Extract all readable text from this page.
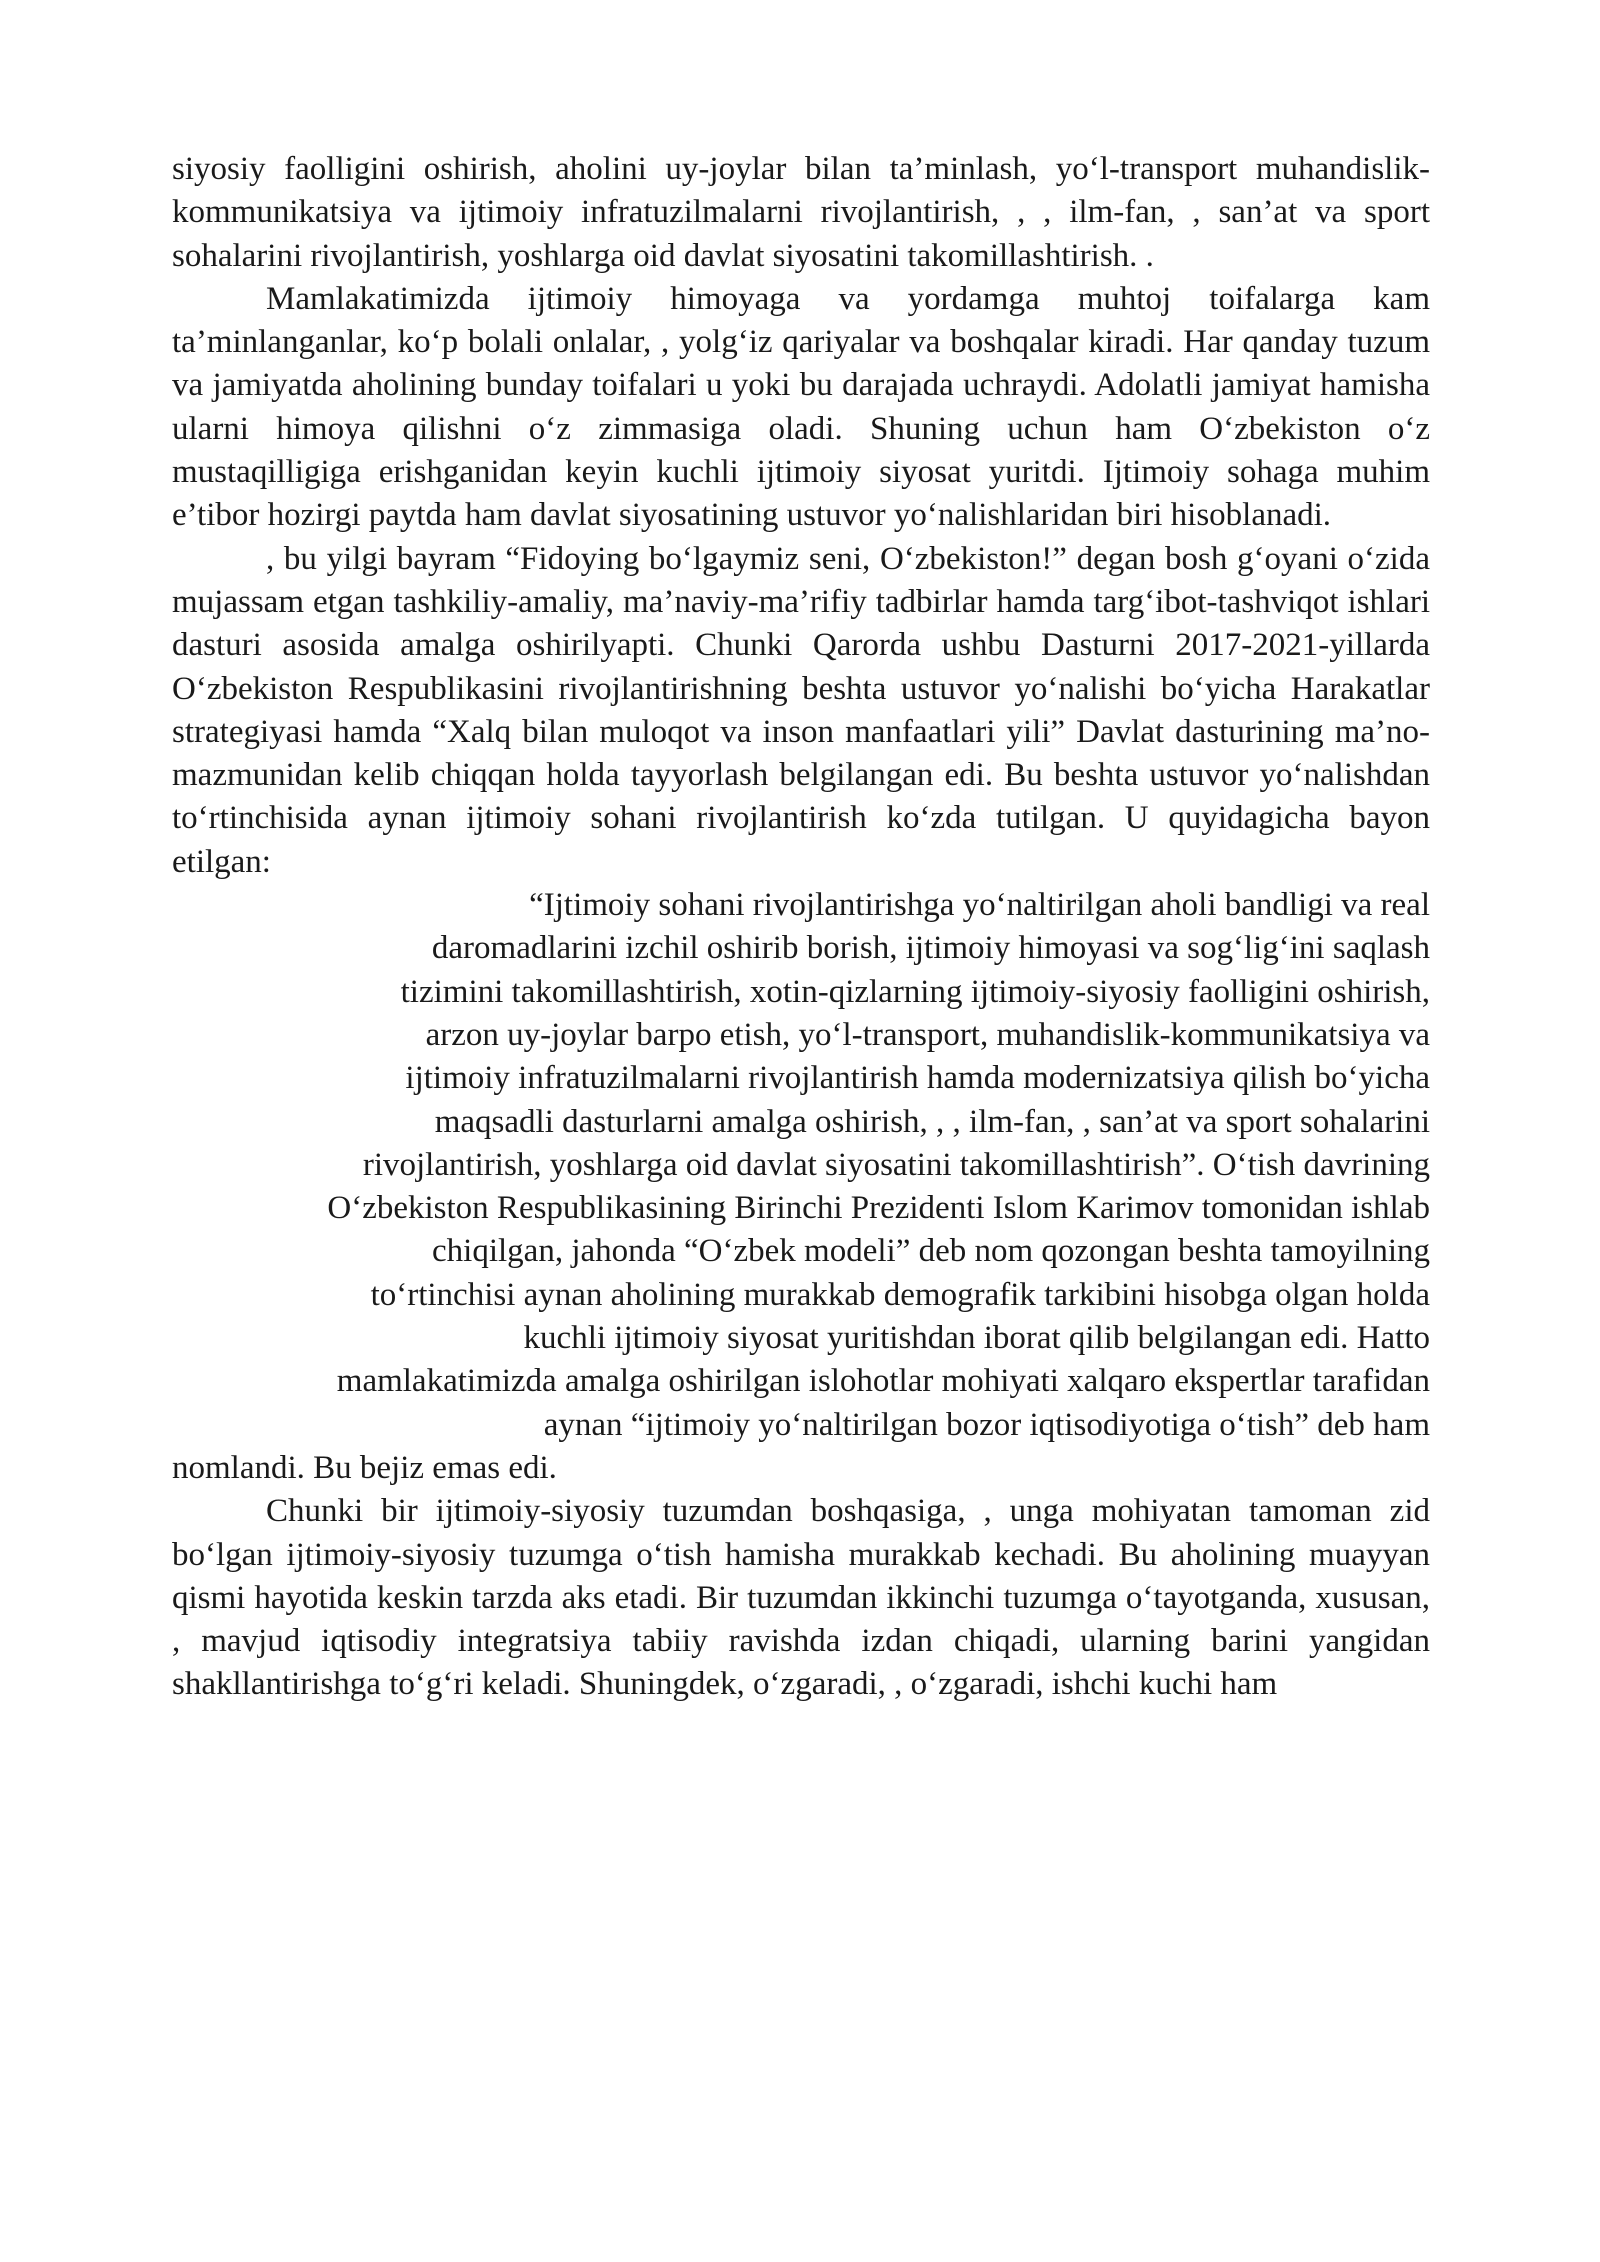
siyosiy faolligini oshirish, aholini uy-joylar bilan ta’minlash, yo‘l-transport muhandislik-kommunikatsiya va ijtimoiy infratuzilmalarni rivojlantirish, , , ilm-fan, , san’at va sport sohalarini rivojlantirish, yoshlarga oid davlat siyosatini takomillashtirish. .

Mamlakatimizda ijtimoiy himoyaga va yordamga muhtoj toifalarga kam ta’minlanganlar, ko‘p bolali onlalar, , yolg‘iz qariyalar va boshqalar kiradi. Har qanday tuzum va jamiyatda aholining bunday toifalari u yoki bu darajada uchraydi. Adolatli jamiyat hamisha ularni himoya qilishni o‘z zimmasiga oladi. Shuning uchun ham O‘zbekiston o‘z mustaqilligiga erishganidan keyin kuchli ijtimoiy siyosat yuritdi. Ijtimoiy sohaga muhim e’tibor hozirgi paytda ham davlat siyosatining ustuvor yo‘nalishlaridan biri hisoblanadi.

, bu yilgi bayram “Fidoying bo‘lgaymiz seni, O‘zbekiston!” degan bosh g‘oyani o‘zida mujassam etgan tashkiliy-amaliy, ma’naviy-ma’rifiy tadbirlar hamda targ‘ibot-tashviqot ishlari dasturi asosida amalga oshirilyapti. Chunki Qarorda ushbu Dasturni 2017-2021-yillarda O‘zbekiston Respublikasini rivojlantirishning beshta ustuvor yo‘nalishi bo‘yicha Harakatlar strategiyasi hamda “Xalq bilan muloqot va inson manfaatlari yili” Davlat dasturining ma’no-mazmunidan kelib chiqqan holda tayyorlash belgilangan edi. Bu beshta ustuvor yo‘nalishdan to‘rtinchisida aynan ijtimoiy sohani rivojlantirish ko‘zda tutilgan. U quyidagicha bayon etilgan:

“Ijtimoiy sohani rivojlantirishga yo‘naltirilgan aholi bandligi va real
daromadlarini izchil oshirib borish, ijtimoiy himoyasi va sog‘lig‘ini saqlash
tizimini takomillashtirish, xotin-qizlarning ijtimoiy-siyosiy faolligini oshirish,
arzon uy-joylar barpo etish, yo‘l-transport, muhandislik-kommunikatsiya va
ijtimoiy infratuzilmalarni rivojlantirish hamda modernizatsiya qilish bo‘yicha
maqsadli dasturlarni amalga oshirish, , , ilm-fan, , san’at va sport sohalarini
rivojlantirish, yoshlarga oid davlat siyosatini takomillashtirish”. O‘tish davrining
O‘zbekiston Respublikasining Birinchi Prezidenti Islom Karimov tomonidan ishlab
chiqilgan, jahonda “O‘zbek modeli” deb nom qozongan beshta tamoyilning
to‘rtinchisi aynan aholining murakkab demografik tarkibini hisobga olgan holda
kuchli ijtimoiy siyosat yuritishdan iborat qilib belgilangan edi. Hatto
mamlakatimizda amalga oshirilgan islohotlar mohiyati xalqaro ekspertlar tarafidan
aynan “ijtimoiy yo‘naltirilgan bozor iqtisodiyotiga o‘tish” deb ham

nomlandi. Bu bejiz emas edi.

Chunki bir ijtimoiy-siyosiy tuzumdan boshqasiga, , unga mohiyatan tamoman zid bo‘lgan ijtimoiy-siyosiy tuzumga o‘tish hamisha murakkab kechadi. Bu aholining muayyan qismi hayotida keskin tarzda aks etadi. Bir tuzumdan ikkinchi tuzumga o‘tayotganda, xususan, , mavjud iqtisodiy integratsiya tabiiy ravishda izdan chiqadi, ularning barini yangidan shakllantirishga to‘g‘ri keladi. Shuningdek, o‘zgaradi, , o‘zgaradi, ishchi kuchi ham
